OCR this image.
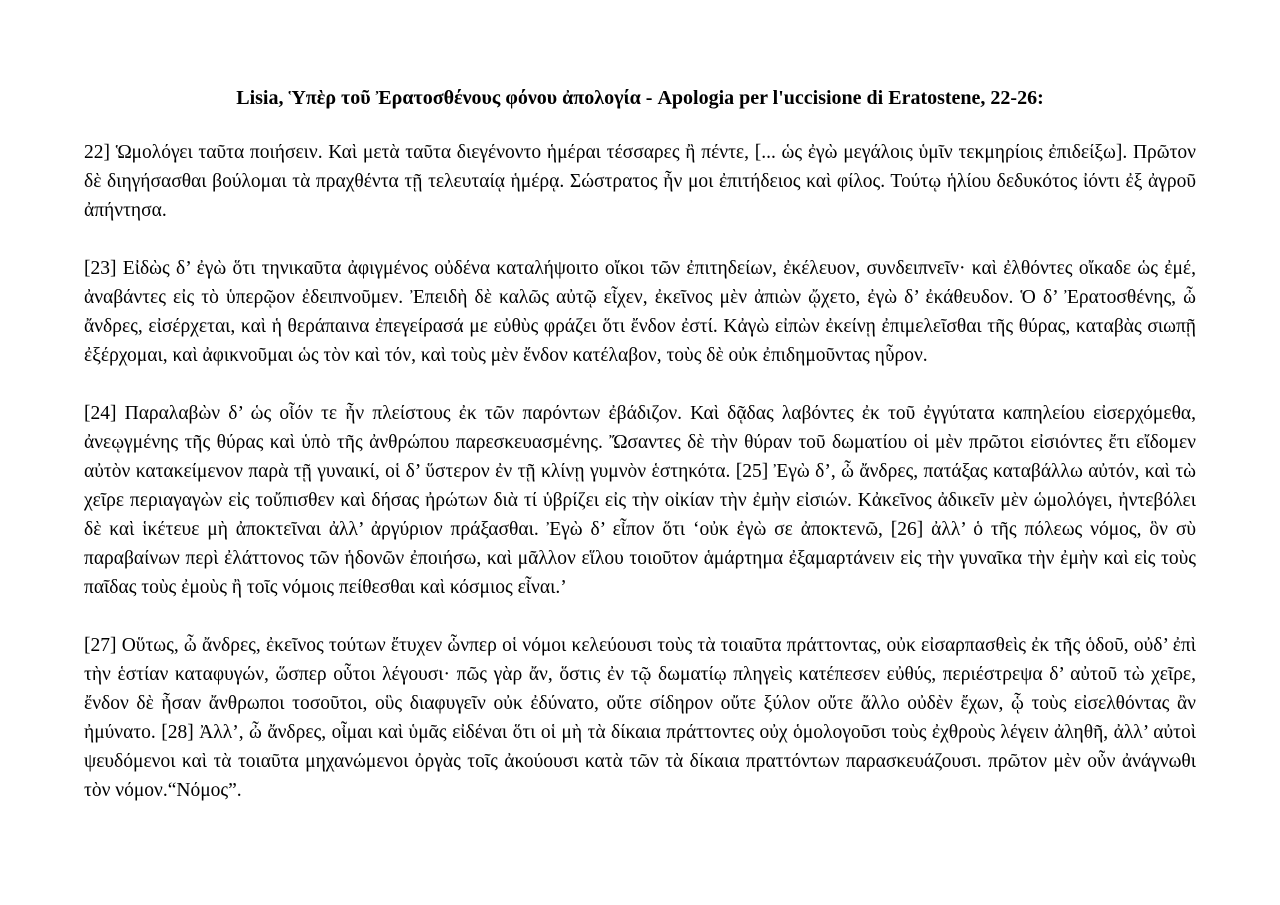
Lisia, Ὑπὲρ τοῦ Ἐρατοσθένους φόνου ἀπολογία - Apologia per l'uccisione di Eratostene, 22-26:

22] Ὡμολόγει ταῦτα ποιήσειν. Καὶ μετὰ ταῦτα διεγένοντο ἡμέραι τέσσαρες ἢ πέντε, [... ὡς ἐγὼ μεγάλοις ὑμῖν τεκμηρίοις ἐπιδείξω]. Πρῶτον δὲ διηγήσασθαι βούλομαι τὰ πραχθέντα τῇ τελευταίᾳ ἡμέρᾳ. Σώστρατος ἦν μοι ἐπιτήδειος καὶ φίλος. Τούτῳ ἡλίου δεδυκότος ἰόντι ἐξ ἀγροῦ ἀπήντησα.

[23] Εἰδὼς δ’ ἐγὼ ὅτι τηνικαῦτα ἀφιγμένος οὐδένα καταλήψοιτο οἴκοι τῶν ἐπιτηδείων, ἐκέλευον, συνδειπνεῖν· καὶ ἐλθόντες οἴκαδε ὡς ἐμέ, ἀναβάντες εἰς τὸ ὑπερῷον ἐδειπνοῦμεν. Ἐπειδὴ δὲ καλῶς αὐτῷ εἶχεν, ἐκεῖνος μὲν ἀπιὼν ᾤχετο, ἐγὼ δ’ ἐκάθευδον. Ὁ δ’ Ἐρατοσθένης, ὦ ἄνδρες, εἰσέρχεται, καὶ ἡ θεράπαινα ἐπεγείρασά με εὐθὺς φράζει ὅτι ἔνδον ἐστί. Κἀγὼ εἰπὼν ἐκείνῃ ἐπιμελεῖσθαι τῆς θύρας, καταβὰς σιωπῇ ἐξέρχομαι, καὶ ἀφικνοῦμαι ὡς τὸν καὶ τόν, καὶ τοὺς μὲν ἔνδον κατέλαβον, τοὺς δὲ οὐκ ἐπιδημοῦντας ηὗρον.

[24] Παραλαβὼν δ’ ὡς οἷόν τε ἦν πλείστους ἐκ τῶν παρόντων ἐβάδιζον. Καὶ δᾷδας λαβόντες ἐκ τοῦ ἐγγύτατα καπηλείου εἰσερχόμεθα, ἀνεῳγμένης τῆς θύρας καὶ ὑπὸ τῆς ἀνθρώπου παρεσκευασμένης. Ὤσαντες δὲ τὴν θύραν τοῦ δωματίου οἱ μὲν πρῶτοι εἰσιόντες ἔτι εἴδομεν αὐτὸν κατακείμενον παρὰ τῇ γυναικί, οἱ δ’ ὕστερον ἐν τῇ κλίνῃ γυμνὸν ἑστηκότα. [25] Ἐγὼ δ’, ὦ ἄνδρες, πατάξας καταβάλλω αὐτόν, καὶ τὼ χεῖρε περιαγαγὼν εἰς τοὔπισθεν καὶ δήσας ἠρώτων διὰ τί ὑβρίζει εἰς τὴν οἰκίαν τὴν ἐμὴν εἰσιών. Κἀκεῖνος ἀδικεῖν μὲν ὡμολόγει, ἠντεβόλει δὲ καὶ ἱκέτευε μὴ ἀποκτεῖναι ἀλλ’ ἀργύριον πράξασθαι. Ἐγὼ δ’ εἶπον ὅτι ‘οὐκ ἐγὼ σε ἀποκτενῶ, [26] ἀλλ’ ὁ τῆς πόλεως νόμος, ὃν σὺ παραβαίνων περὶ ἐλάττονος τῶν ἡδονῶν ἐποιήσω, καὶ μᾶλλον εἵλου τοιοῦτον ἁμάρτημα ἐξαμαρτάνειν εἰς τὴν γυναῖκα τὴν ἐμὴν καὶ εἰς τοὺς παῖδας τοὺς ἐμοὺς ἢ τοῖς νόμοις πείθεσθαι καὶ κόσμιος εἶναι.’

[27] Οὕτως, ὦ ἄνδρες, ἐκεῖνος τούτων ἔτυχεν ὧνπερ οἱ νόμοι κελεύουσι τοὺς τὰ τοιαῦτα πράττοντας, οὐκ εἰσαρπασθεὶς ἐκ τῆς ὁδοῦ, οὐδ’ ἐπὶ τὴν ἑστίαν καταφυγών, ὥσπερ οὗτοι λέγουσι· πῶς γὰρ ἄν, ὅστις ἐν τῷ δωματίῳ πληγεὶς κατέπεσεν εὐθύς, περιέστρεψα δ’ αὐτοῦ τὼ χεῖρε, ἔνδον δὲ ἦσαν ἄνθρωποι τοσοῦτοι, οὓς διαφυγεῖν οὐκ ἐδύνατο, οὔτε σίδηρον οὔτε ξύλον οὔτε ἄλλο οὐδὲν ἔχων, ᾧ τοὺς εἰσελθόντας ἂν ἠμύνατο. [28] Ἀλλ’, ὦ ἄνδρες, οἶμαι καὶ ὑμᾶς εἰδέναι ὅτι οἱ μὴ τὰ δίκαια πράττοντες οὐχ ὁμολογοῦσι τοὺς ἐχθροὺς λέγειν ἀληθῆ, ἀλλ’ αὐτοὶ ψευδόμενοι καὶ τὰ τοιαῦτα μηχανώμενοι ὀργὰς τοῖς ἀκούουσι κατὰ τῶν τὰ δίκαια πραττόντων παρασκευάζουσι. πρῶτον μὲν οὖν ἀνάγνωθι τὸν νόμον.“Νόμος”.
